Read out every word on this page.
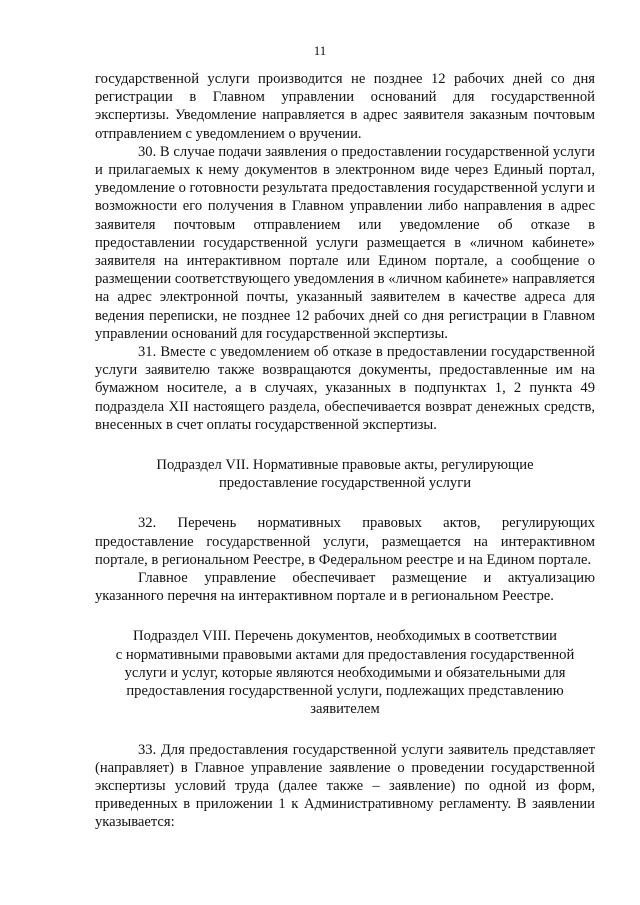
11

государственной услуги производится не позднее 12 рабочих дней со дня регистрации в Главном управлении оснований для государственной экспертизы. Уведомление направляется в адрес заявителя заказным почтовым отправлением с уведомлением о вручении.

30. В случае подачи заявления о предоставлении государственной услуги и прилагаемых к нему документов в электронном виде через Единый портал, уведомление о готовности результата предоставления государственной услуги и возможности его получения в Главном управлении либо направления в адрес заявителя почтовым отправлением или уведомление об отказе в предоставлении государственной услуги размещается в «личном кабинете» заявителя на интерактивном портале или Едином портале, а сообщение о размещении соответствующего уведомления в «личном кабинете» направляется на адрес электронной почты, указанный заявителем в качестве адреса для ведения переписки, не позднее 12 рабочих дней со дня регистрации в Главном управлении оснований для государственной экспертизы.

31. Вместе с уведомлением об отказе в предоставлении государственной услуги заявителю также возвращаются документы, предоставленные им на бумажном носителе, а в случаях, указанных в подпунктах 1, 2 пункта 49 подраздела XII настоящего раздела, обеспечивается возврат денежных средств, внесенных в счет оплаты государственной экспертизы.

Подраздел VII. Нормативные правовые акты, регулирующие

предоставление государственной услуги

32. Перечень нормативных правовых актов, регулирующих предоставление государственной услуги, размещается на интерактивном портале, в региональном Реестре, в Федеральном реестре и на Едином портале.

Главное управление обеспечивает размещение и актуализацию указанного перечня на интерактивном портале и в региональном Реестре.

Подраздел VIII. Перечень документов, необходимых в соответствии

с нормативными правовыми актами для предоставления государственной

услуги и услуг, которые являются необходимыми и обязательными для

предоставления государственной услуги, подлежащих представлению

заявителем

33. Для предоставления государственной услуги заявитель представляет (направляет) в Главное управление заявление о проведении государственной экспертизы условий труда (далее также – заявление) по одной из форм, приведенных в приложении 1 к Административному регламенту. В заявлении указывается:
